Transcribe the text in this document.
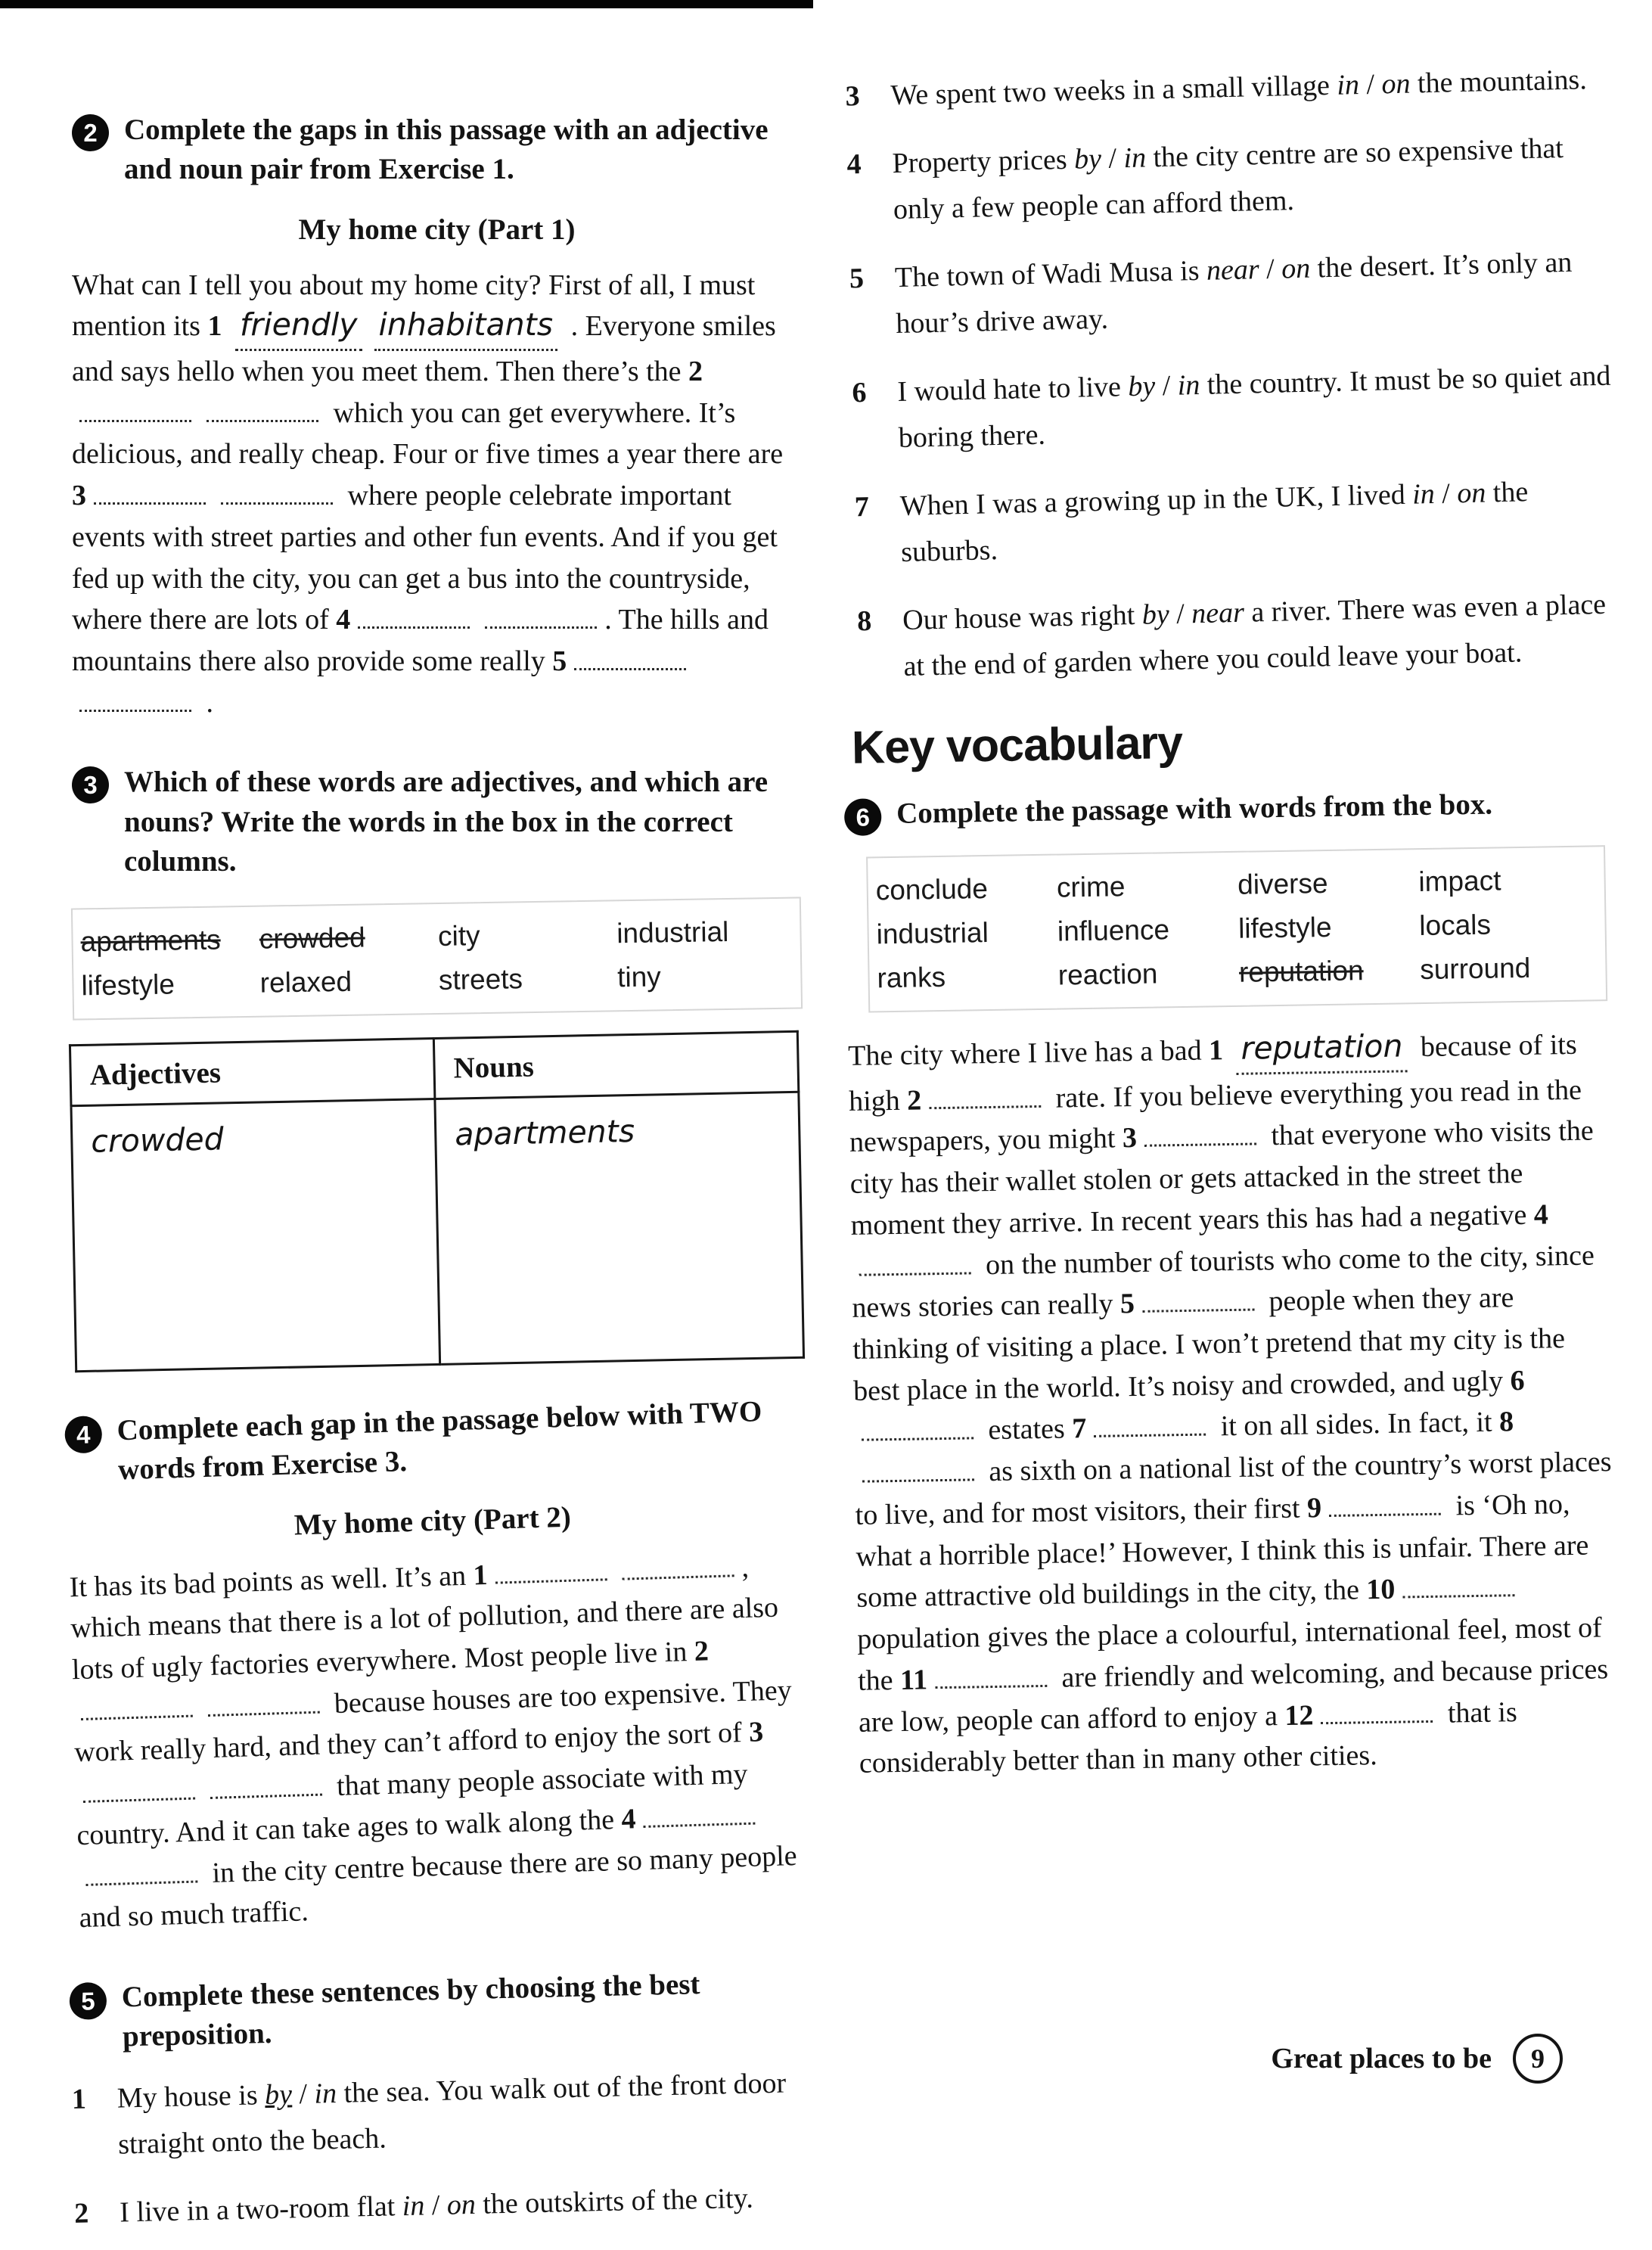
2 Complete the gaps in this passage with an adjective and noun pair from Exercise 1.
My home city (Part 1)
What can I tell you about my home city? First of all, I must mention its 1 friendly inhabitants . Everyone smiles and says hello when you meet them. Then there’s the 2 which you can get everywhere. It’s delicious, and really cheap. Four or five times a year there are 3	where people celebrate important events with street parties and other fun events. And if you get fed up with the city, you can get a bus into the countryside, where there are lots of 4	. The hills and mountains there also provide some really 5 .
3 Which of these words are adjectives, and which are nouns? Write the words in the box in the correct columns.
apartments	crowded	city	industrial
lifestyle	relaxed	streets	tiny
Adjectives	Nouns
crowded	apartments
4 Complete each gap in the passage below with TWO words from Exercise 3.
My home city (Part 2)
It has its bad points as well. It’s an 1	, which means that there is a lot of pollution, and there are also lots of ugly factories everywhere. Most people live in 2 because houses are too expensive. They work really hard, and they can’t afford to enjoy the sort of 3 that many people associate with my country. And it can take ages to walk along the 4 in the city centre because there are so many people and so much traffic.
5 Complete these sentences by choosing the best preposition.
1	My house is by / in the sea. You walk out of the front door straight onto the beach.
2	I live in a two-room flat in / on the outskirts of the city.
3	We spent two weeks in a small village in / on the mountains.
4	Property prices by / in the city centre are so expensive that only a few people can afford them.
5	The town of Wadi Musa is near / on the desert. It’s only an hour’s drive away.
6	I would hate to live by / in the country. It must be so quiet and boring there.
7	When I was a growing up in the UK, I lived in / on the suburbs.
8	Our house was right by / near a river. There was even a place at the end of garden where you could leave your boat.
Key vocabulary
6 Complete the passage with words from the box.
conclude	crime	diverse	impact
industrial	influence	lifestyle	locals
ranks	reaction	reputation	surround
The city where I live has a bad 1 reputation because of its high 2	rate. If you believe everything you read in the newspapers, you might 3	that everyone who visits the city has their wallet stolen or gets attacked in the street the moment they arrive. In recent years this has had a negative 4 on the number of tourists who come to the city, since news stories can really 5	people when they are thinking of visiting a place. I won’t pretend that my city is the best place in the world. It’s noisy and crowded, and ugly 6 estates 7	it on all sides. In fact, it 8 as sixth on a national list of the country’s worst places to live, and for most visitors, their first 9	is ‘Oh no, what a horrible place!’ However, I think this is unfair. There are some attractive old buildings in the city, the 10 population gives the place a colourful, international feel, most of the 11	are friendly and welcoming, and because prices are low, people can afford to enjoy a 12	that is considerably better than in many other cities.
Great places to be	9
